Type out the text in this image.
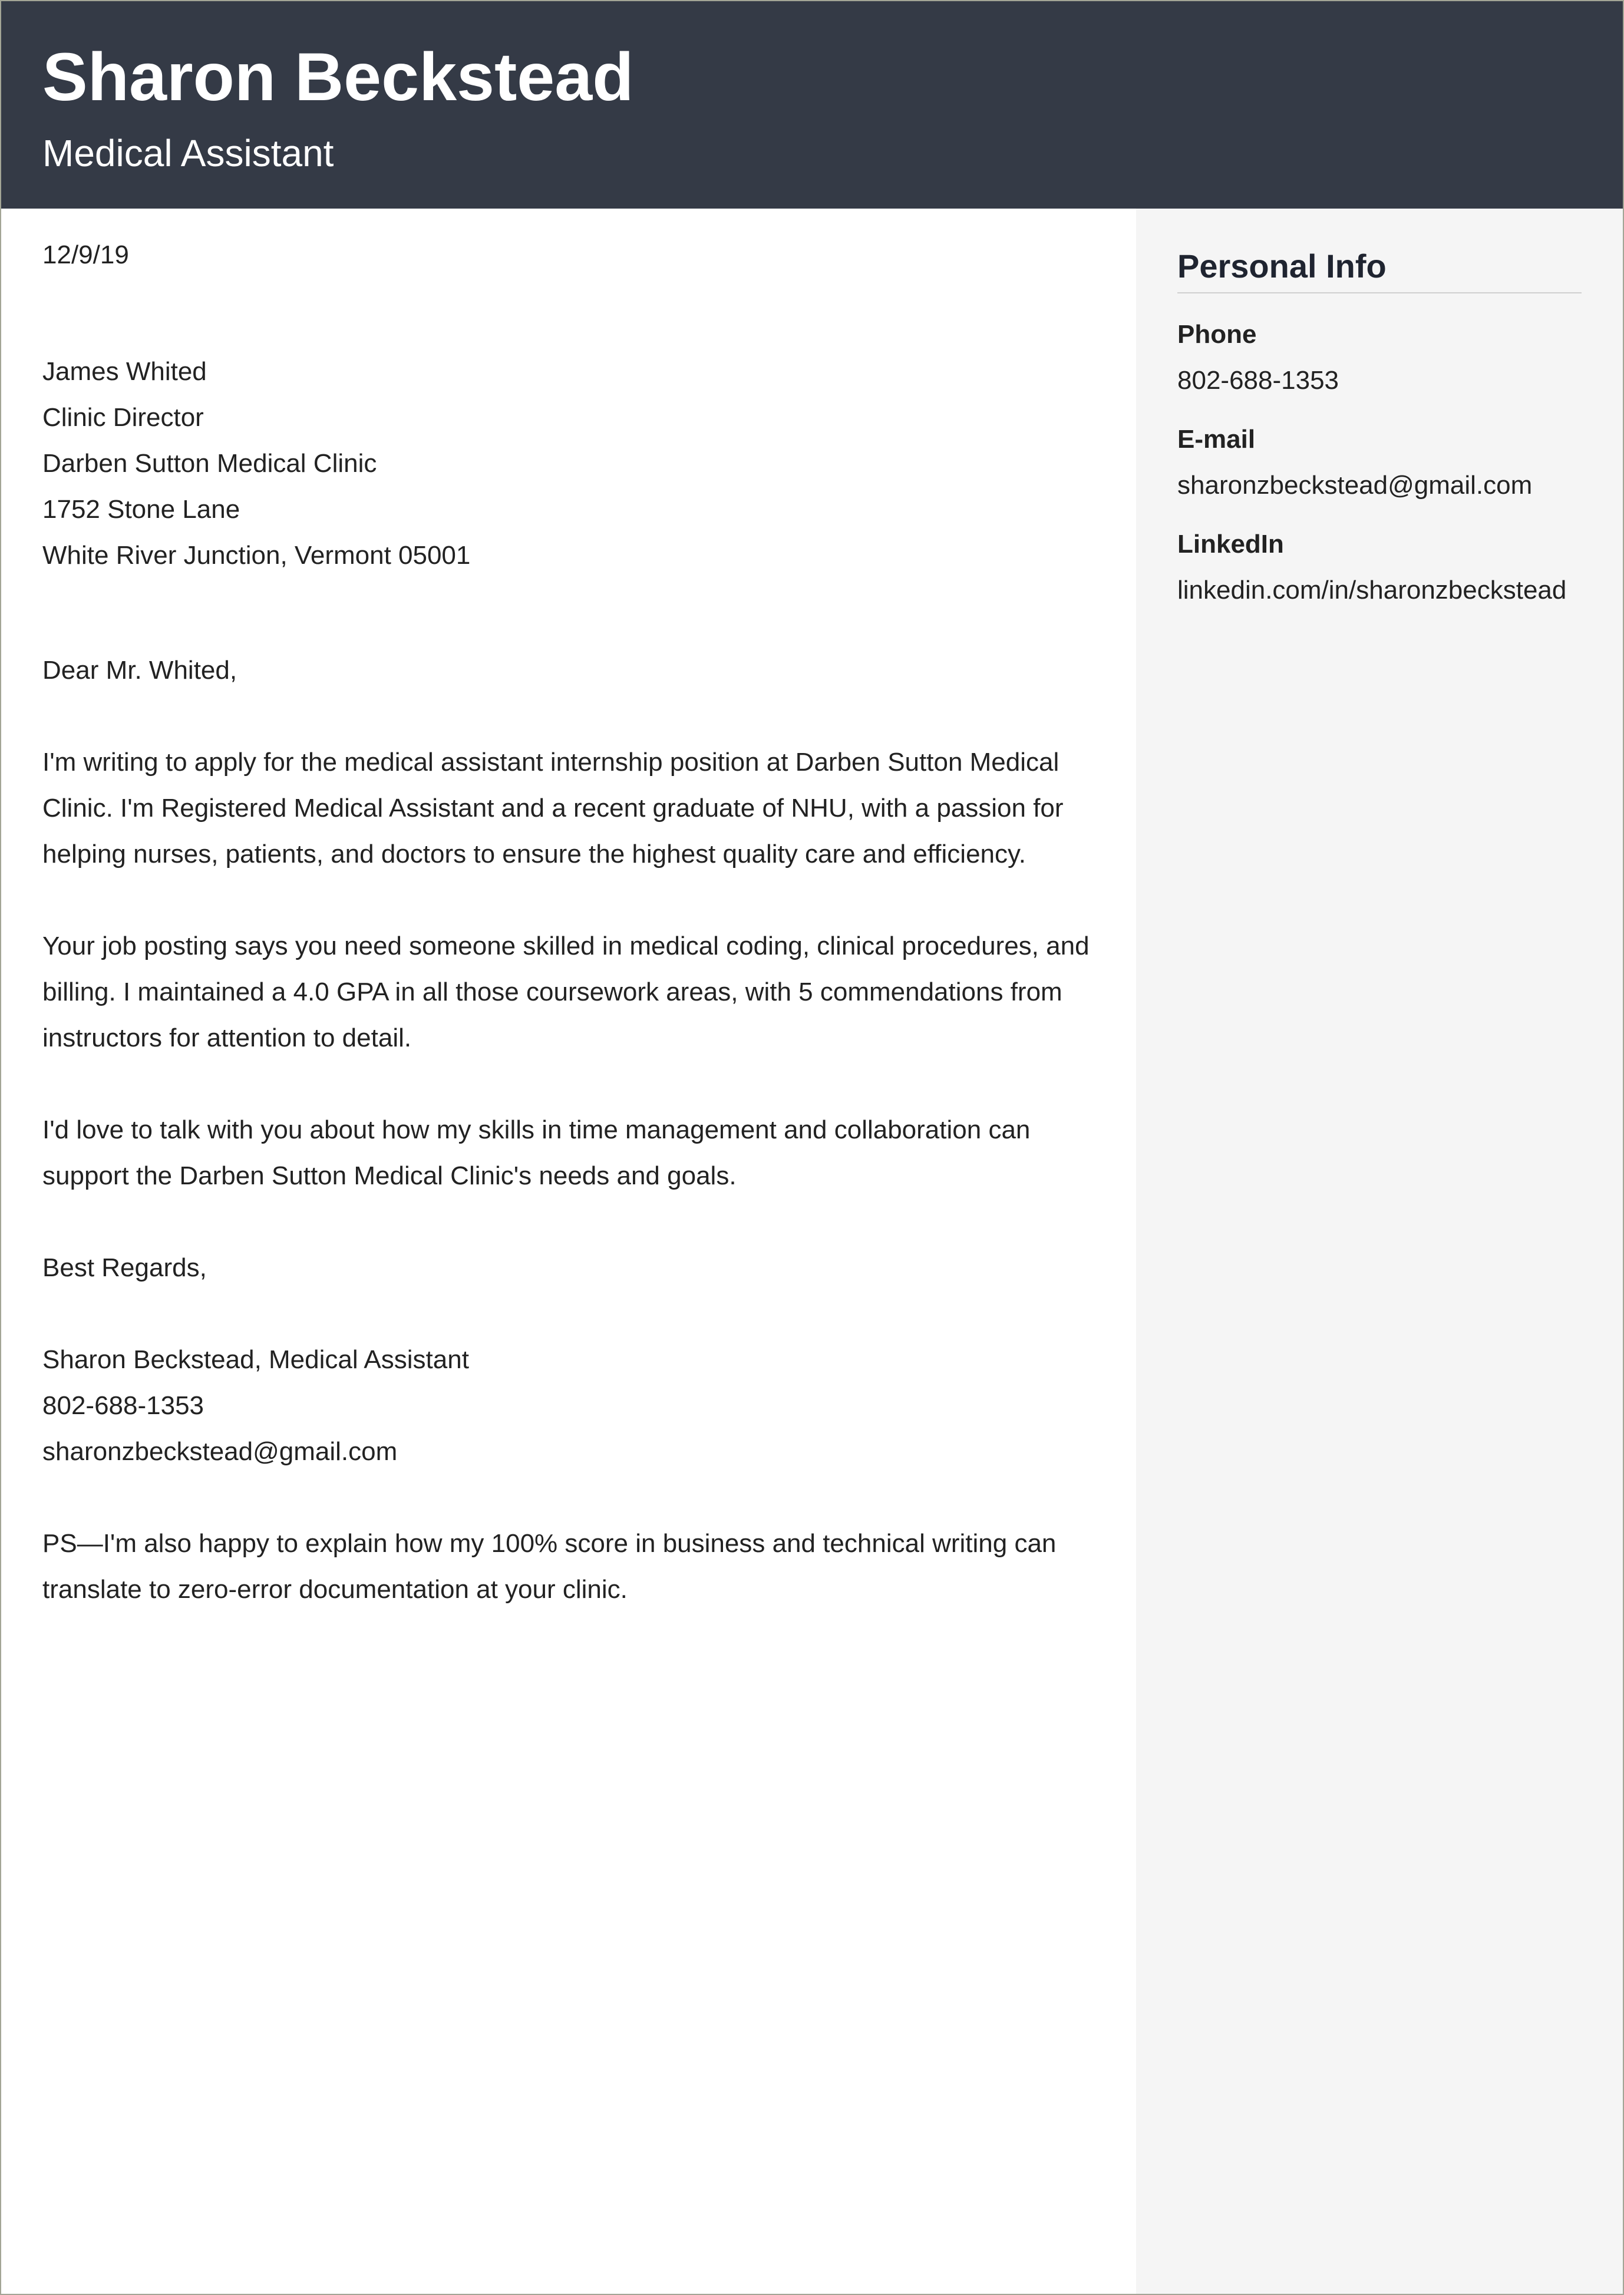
Sharon Beckstead
Medical Assistant
12/9/19
James Whited
Clinic Director
Darben Sutton Medical Clinic
1752 Stone Lane
White River Junction, Vermont 05001
Dear Mr. Whited,
I'm writing to apply for the medical assistant internship position at Darben Sutton Medical Clinic. I'm Registered Medical Assistant and a recent graduate of NHU, with a passion for helping nurses, patients, and doctors to ensure the highest quality care and efficiency.
Your job posting says you need someone skilled in medical coding, clinical procedures, and billing. I maintained a 4.0 GPA in all those coursework areas, with 5 commendations from instructors for attention to detail.
I'd love to talk with you about how my skills in time management and collaboration can support the Darben Sutton Medical Clinic's needs and goals.
Best Regards,
Sharon Beckstead, Medical Assistant
802-688-1353
sharonzbeckstead@gmail.com
PS—I'm also happy to explain how my 100% score in business and technical writing can translate to zero-error documentation at your clinic.
Personal Info
Phone
802-688-1353
E-mail
sharonzbeckstead@gmail.com
LinkedIn
linkedin.com/in/sharonzbeckstead
